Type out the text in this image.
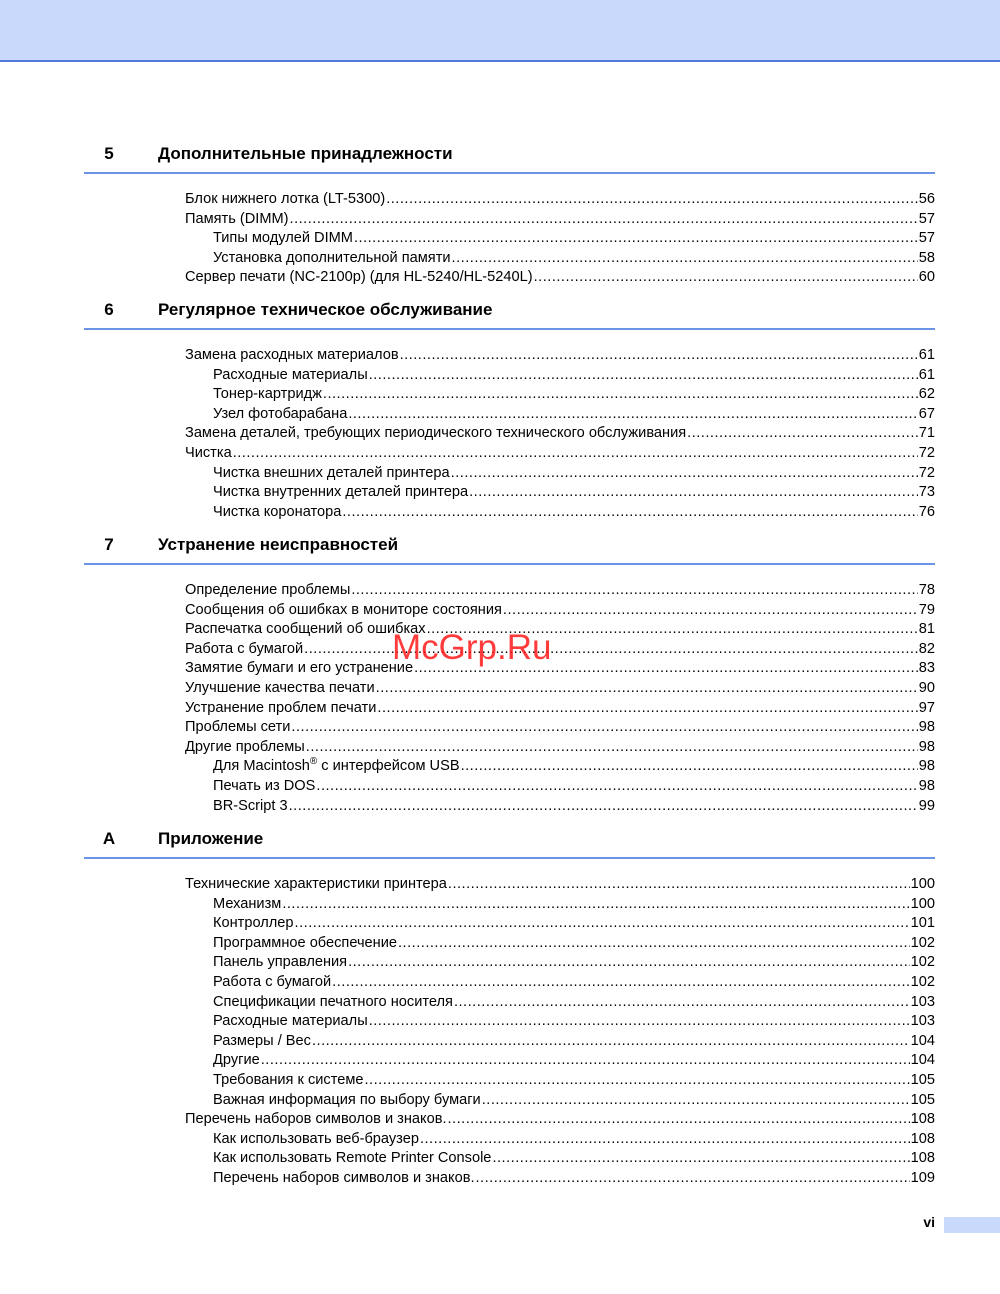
5	Дополнительные принадлежности
Блок нижнего лотка (LT-5300) .....	56
Память (DIMM) .....	57
Типы модулей DIMM .....	57
Установка дополнительной памяти .....	58
Сервер печати (NC-2100p) (для HL-5240/HL-5240L) .....	60
6	Регулярное техническое обслуживание
Замена расходных материалов .....	61
Расходные материалы .....	61
Тонер-картридж .....	62
Узел фотобарабана .....	67
Замена деталей, требующих периодического технического обслуживания .....	71
Чистка .....	72
Чистка внешних деталей принтера .....	72
Чистка внутренних деталей принтера .....	73
Чистка коронатора .....	76
7	Устранение неисправностей
Определение проблемы .....	78
Сообщения об ошибках в мониторе состояния .....	79
Распечатка сообщений об ошибках .....	81
Работа с бумагой .....	82
Замятие бумаги и его устранение .....	83
Улучшение качества печати .....	90
Устранение проблем печати .....	97
Проблемы сети .....	98
Другие проблемы .....	98
Для Macintosh® с интерфейсом USB .....	98
Печать из DOS .....	98
BR-Script 3 .....	99
A	Приложение
Технические характеристики принтера .....	100
Механизм .....	100
Контроллер .....	101
Программное обеспечение .....	102
Панель управления .....	102
Работа с бумагой .....	102
Спецификации печатного носителя .....	103
Расходные материалы .....	103
Размеры / Вес .....	104
Другие .....	104
Требования к системе .....	105
Важная информация по выбору бумаги .....	105
Перечень наборов символов и знаков. .....	108
Как использовать веб-браузер .....	108
Как использовать Remote Printer Console .....	108
Перечень наборов символов и знаков. .....	109
McGrp.Ru
vi
